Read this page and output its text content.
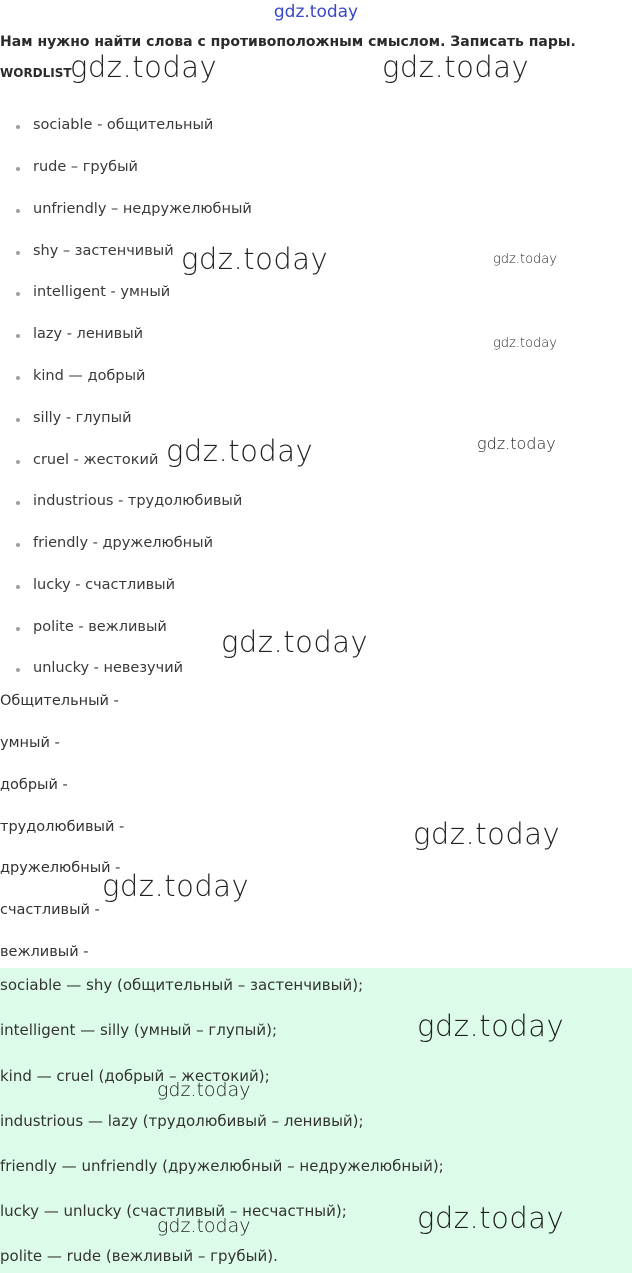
gdz.today
Нам нужно найти слова с противоположным смыслом. Записать пары.
WORDLIST
sociable - общительный
rude – грубый
unfriendly – недружелюбный
shy – застенчивый
intelligent - умный
lazy - ленивый
kind — добрый
silly - глупый
cruel - жестокий
industrious - трудолюбивый
friendly - дружелюбный
lucky - счастливый
polite - вежливый
unlucky - невезучий
Общительный -
умный -
добрый -
трудолюбивый -
дружелюбный -
счастливый -
вежливый -
sociable — shy (общительный – застенчивый);
intelligent — silly (умный – глупый);
kind — cruel (добрый – жестокий);
industrious — lazy (трудолюбивый – ленивый);
friendly — unfriendly (дружелюбный – недружелюбный);
lucky — unlucky (счастливый – несчастный);
polite — rude (вежливый – грубый).
gdz.today	gdz.today
gdz.today	gdz.today
gdz.today
gdz.today	gdz.today
gdz.today
gdz.today
gdz.today
gdz.today
gdz.today
gdz.today	gdz.today
